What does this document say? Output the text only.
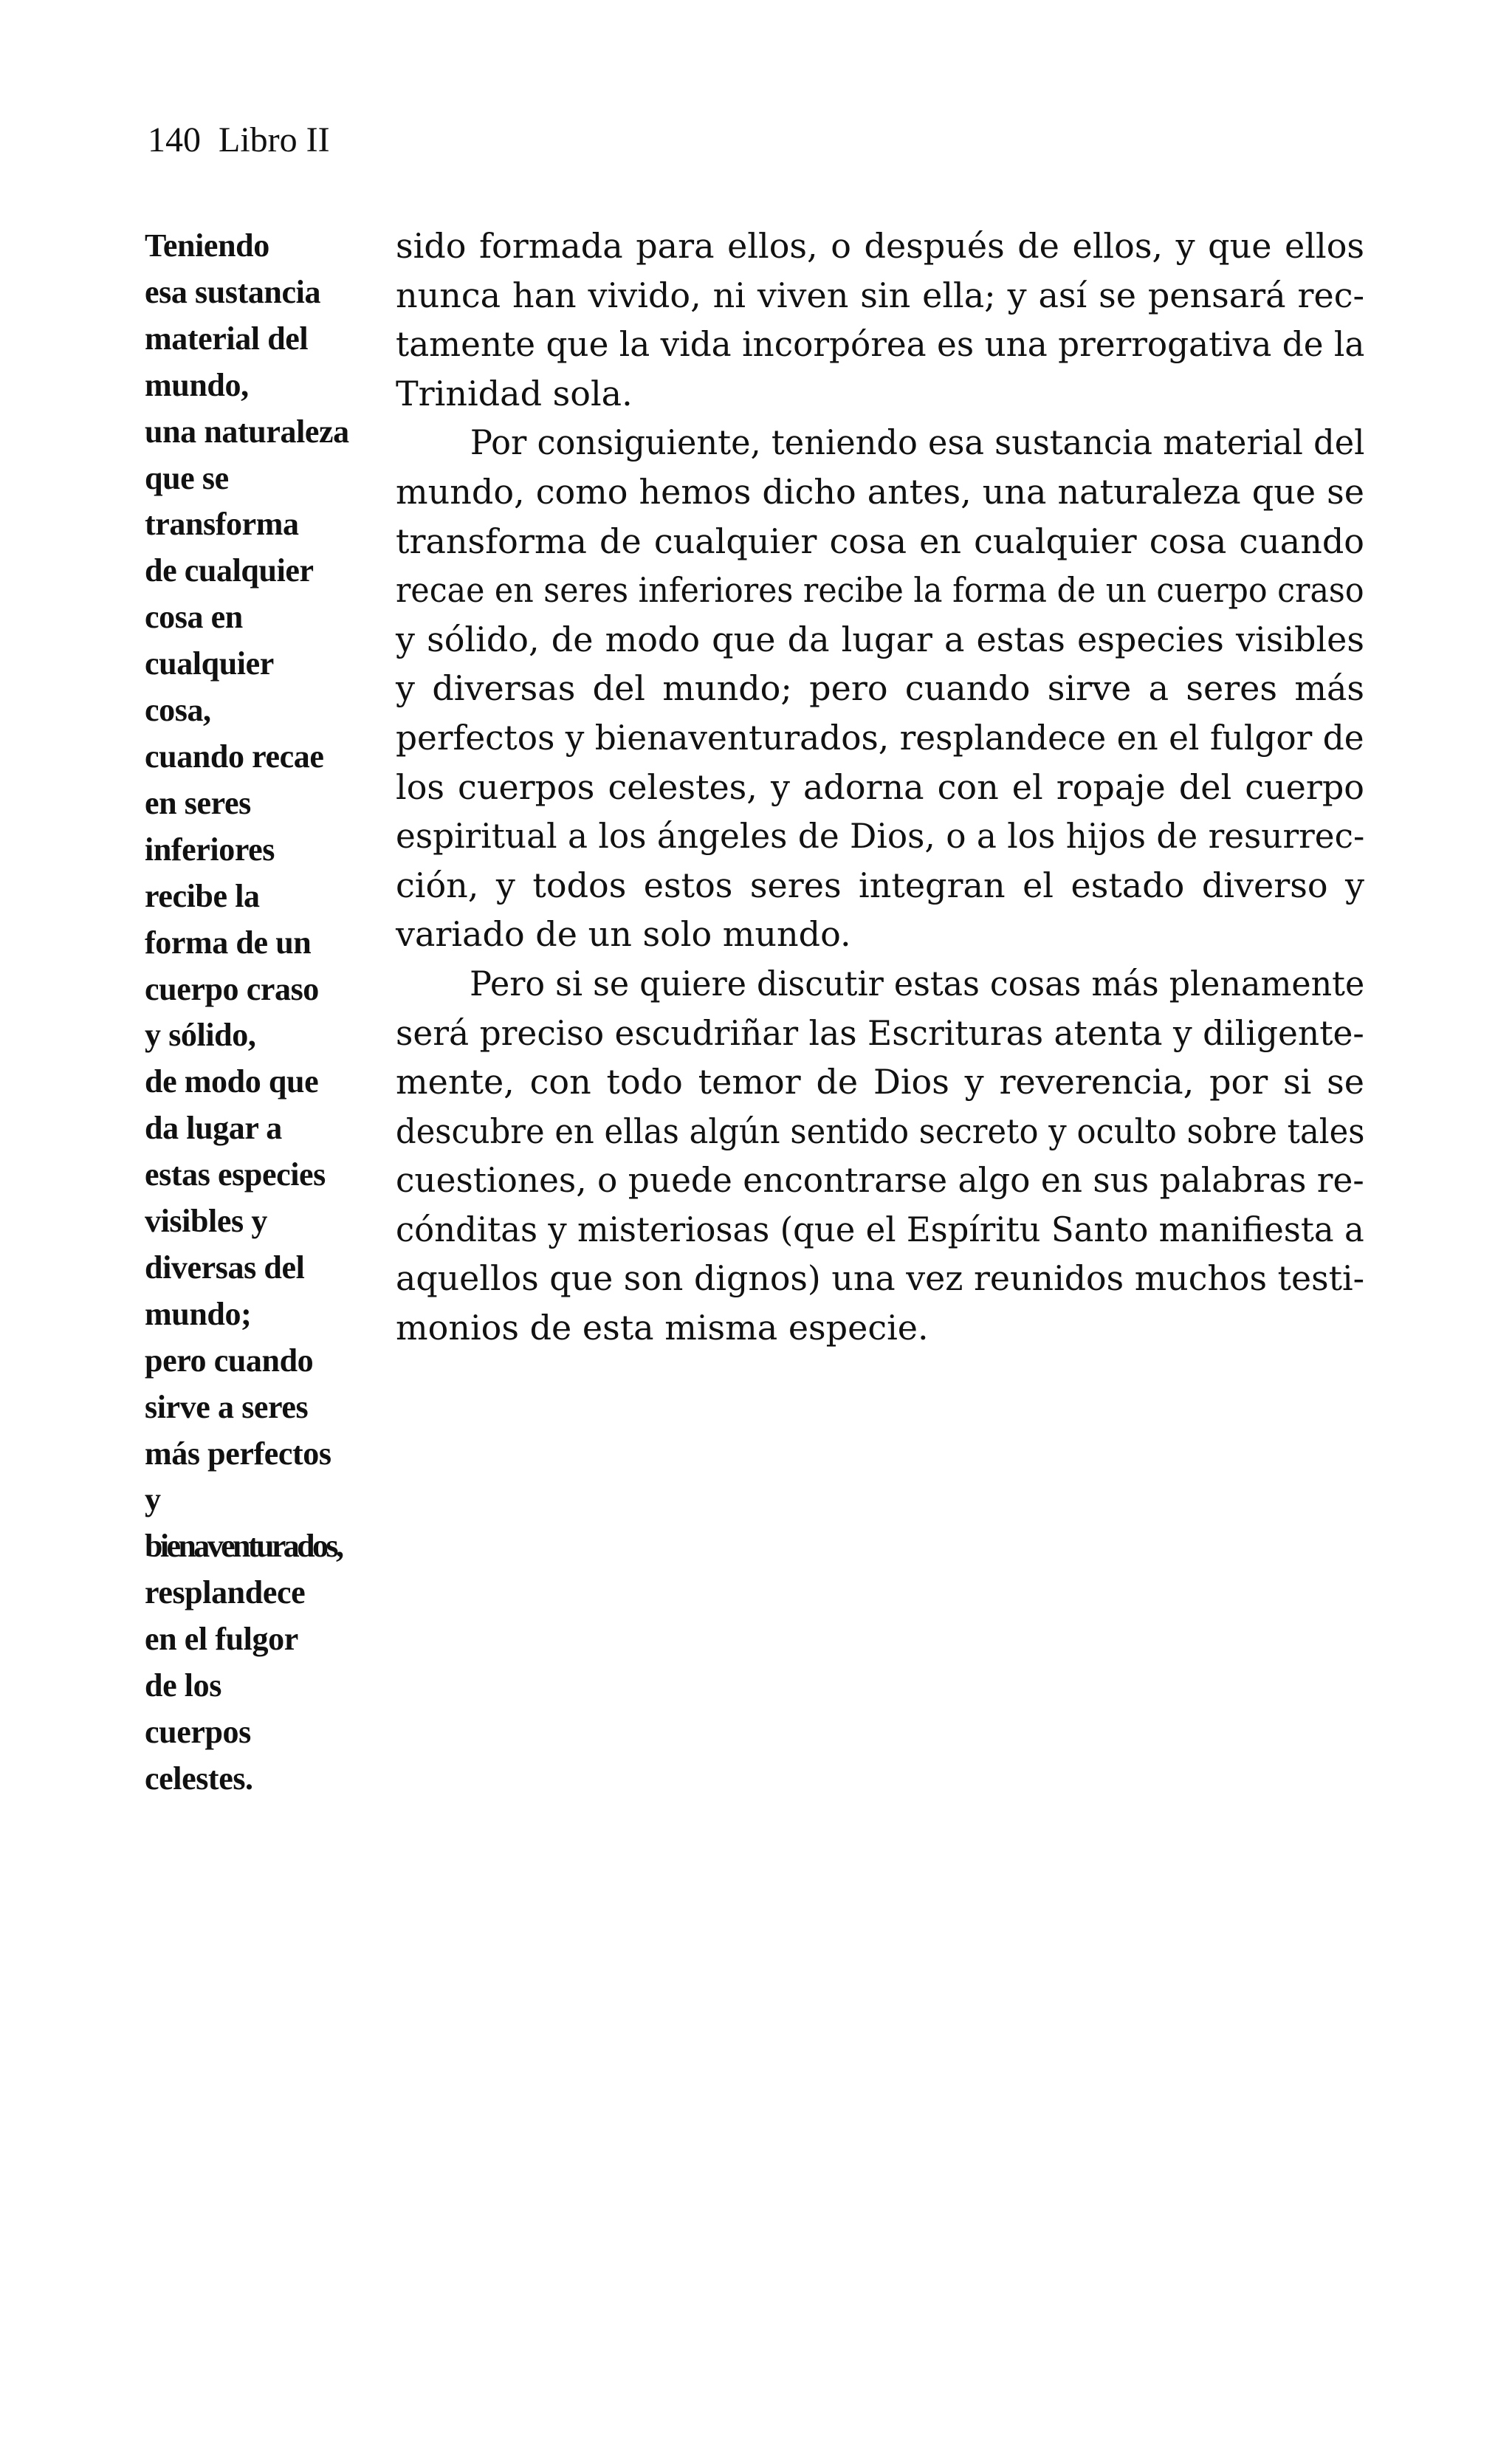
140 Libro II
Teniendo
esa sustancia
material del
mundo,
una naturaleza
que se
transforma
de cualquier
cosa en
cualquier
cosa,
cuando recae
en seres
inferiores
recibe la
forma de un
cuerpo craso
y sólido,
de modo que
da lugar a
estas especies
visibles y
diversas del
mundo;
pero cuando
sirve a seres
más perfectos
y
bienaventurados,
resplandece
en el fulgor
de los
cuerpos
celestes.
sido formada para ellos, o después de ellos, y que ellos
nunca han vivido, ni viven sin ella; y así se pensará rec-
tamente que la vida incorpórea es una prerrogativa de la
Trinidad sola.
Por consiguiente, teniendo esa sustancia material del
mundo, como hemos dicho antes, una naturaleza que se
transforma de cualquier cosa en cualquier cosa cuando
recae en seres inferiores recibe la forma de un cuerpo craso
y sólido, de modo que da lugar a estas especies visibles
y diversas del mundo; pero cuando sirve a seres más
perfectos y bienaventurados, resplandece en el fulgor de
los cuerpos celestes, y adorna con el ropaje del cuerpo
espiritual a los ángeles de Dios, o a los hijos de resurrec-
ción, y todos estos seres integran el estado diverso y
variado de un solo mundo.
Pero si se quiere discutir estas cosas más plenamente
será preciso escudriñar las Escrituras atenta y diligente-
mente, con todo temor de Dios y reverencia, por si se
descubre en ellas algún sentido secreto y oculto sobre tales
cuestiones, o puede encontrarse algo en sus palabras re-
cónditas y misteriosas (que el Espíritu Santo manifiesta a
aquellos que son dignos) una vez reunidos muchos testi-
monios de esta misma especie.
